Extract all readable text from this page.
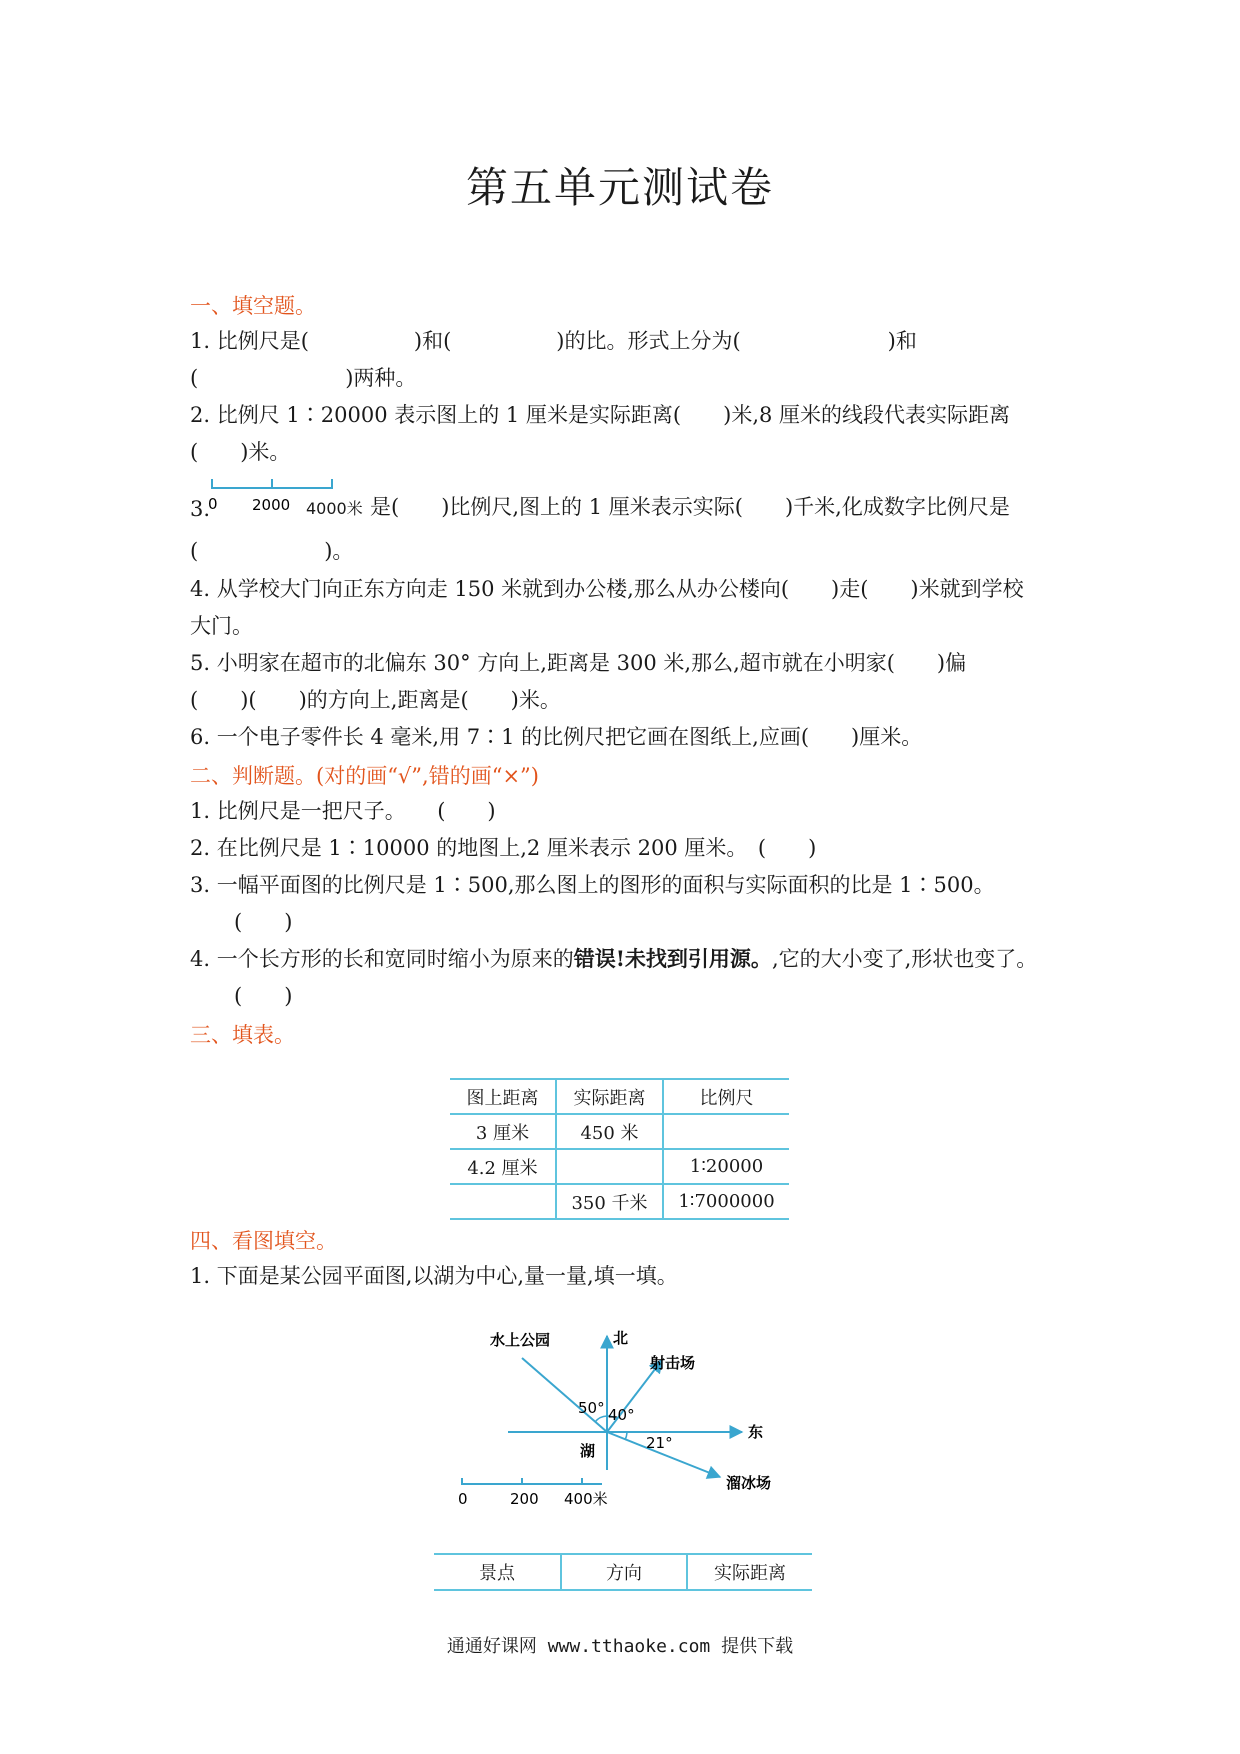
第五单元测试卷
一、填空题。
1. 比例尺是(　　　　　)和(　　　　　)的比。形式上分为(　　　　　　　)和
(　　　　　　　)两种。
2. 比例尺 1∶20000 表示图上的 1 厘米是实际距离(　　)米,8 厘米的线段代表实际距离
(　　)米。
3.
0 2000 4000米 是(　　)比例尺,图上的 1 厘米表示实际(　　)千米,化成数字比例尺是
(　　　　　　)。
4. 从学校大门向正东方向走 150 米就到办公楼,那么从办公楼向(　　)走(　　)米就到学校
大门。
5. 小明家在超市的北偏东 30° 方向上,距离是 300 米,那么,超市就在小明家(　　)偏
(　　)(　　)的方向上,距离是(　　)米。
6. 一个电子零件长 4 毫米,用 7∶1 的比例尺把它画在图纸上,应画(　　)厘米。
二、判断题。(对的画“√”,错的画“×”)
1. 比例尺是一把尺子。　　(　　)
2. 在比例尺是 1∶10000 的地图上,2 厘米表示 200 厘米。　(　　)
3. 一幅平面图的比例尺是 1∶500,那么图上的图形的面积与实际面积的比是 1∶500。
(　　)
4. 一个长方形的长和宽同时缩小为原来的错误!未找到引用源。,它的大小变了,形状也变了。
(　　)
三、填表。
图上距离	实际距离	比例尺
3 厘米	450 米	
4.2 厘米		1∶20000
	350 千米	1∶7000000
四、看图填空。
1. 下面是某公园平面图,以湖为中心,量一量,填一填。
北
东
湖
水上公园
射击场
溜冰场
50° 40°
21°
0	200 400米
景点	方向	实际距离
通通好课网 www.tthaoke.com 提供下载
